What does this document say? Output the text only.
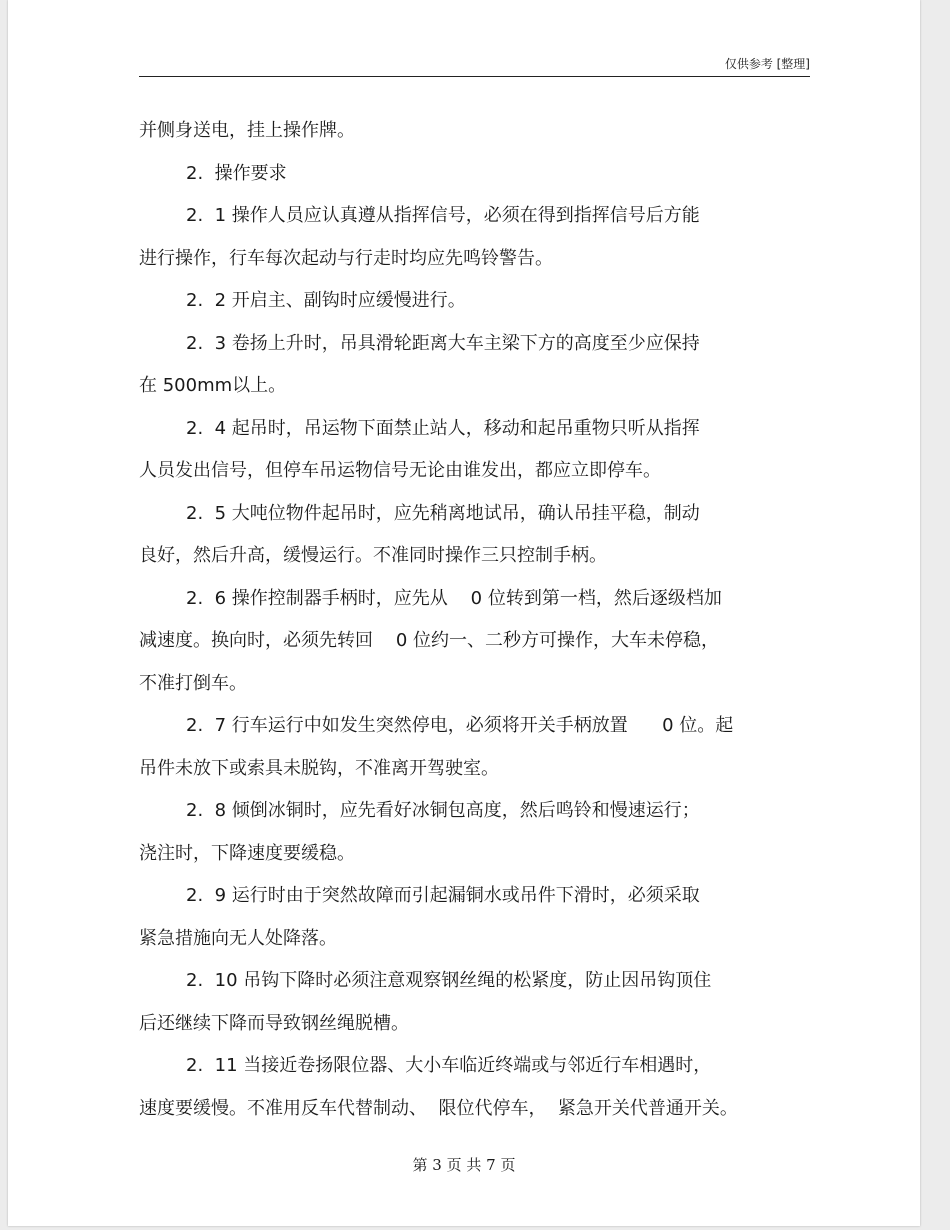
仅供参考 [整理]

并侧身送电，挂上操作牌。

2.  操作要求

2.  1 操作人员应认真遵从指挥信号，必须在得到指挥信号后方能

进行操作，行车每次起动与行走时均应先鸣铃警告。

2.  2 开启主、副钩时应缓慢进行。

2.  3 卷扬上升时，吊具滑轮距离大车主梁下方的高度至少应保持

在 500mm以上。

2.  4 起吊时，吊运物下面禁止站人，移动和起吊重物只听从指挥

人员发出信号，但停车吊运物信号无论由谁发出，都应立即停车。

2.  5 大吨位物件起吊时，应先稍离地试吊，确认吊挂平稳，制动

良好，然后升高，缓慢运行。不准同时操作三只控制手柄。

2.  6 操作控制器手柄时，应先从    0 位转到第一档，然后逐级档加

减速度。换向时，必须先转回    0 位约一、二秒方可操作，大车未停稳，

不准打倒车。

2.  7 行车运行中如发生突然停电，必须将开关手柄放置      0 位。起

吊件未放下或索具未脱钩，不准离开驾驶室。

2.  8 倾倒冰铜时，应先看好冰铜包高度，然后鸣铃和慢速运行；

浇注时，下降速度要缓稳。

2.  9 运行时由于突然故障而引起漏铜水或吊件下滑时，必须采取

紧急措施向无人处降落。

2.  10 吊钩下降时必须注意观察钢丝绳的松紧度，防止因吊钩顶住

后还继续下降而导致钢丝绳脱槽。

2.  11 当接近卷扬限位器、大小车临近终端或与邻近行车相遇时，

速度要缓慢。不准用反车代替制动、  限位代停车，  紧急开关代普通开关。

第 3 页 共 7 页
